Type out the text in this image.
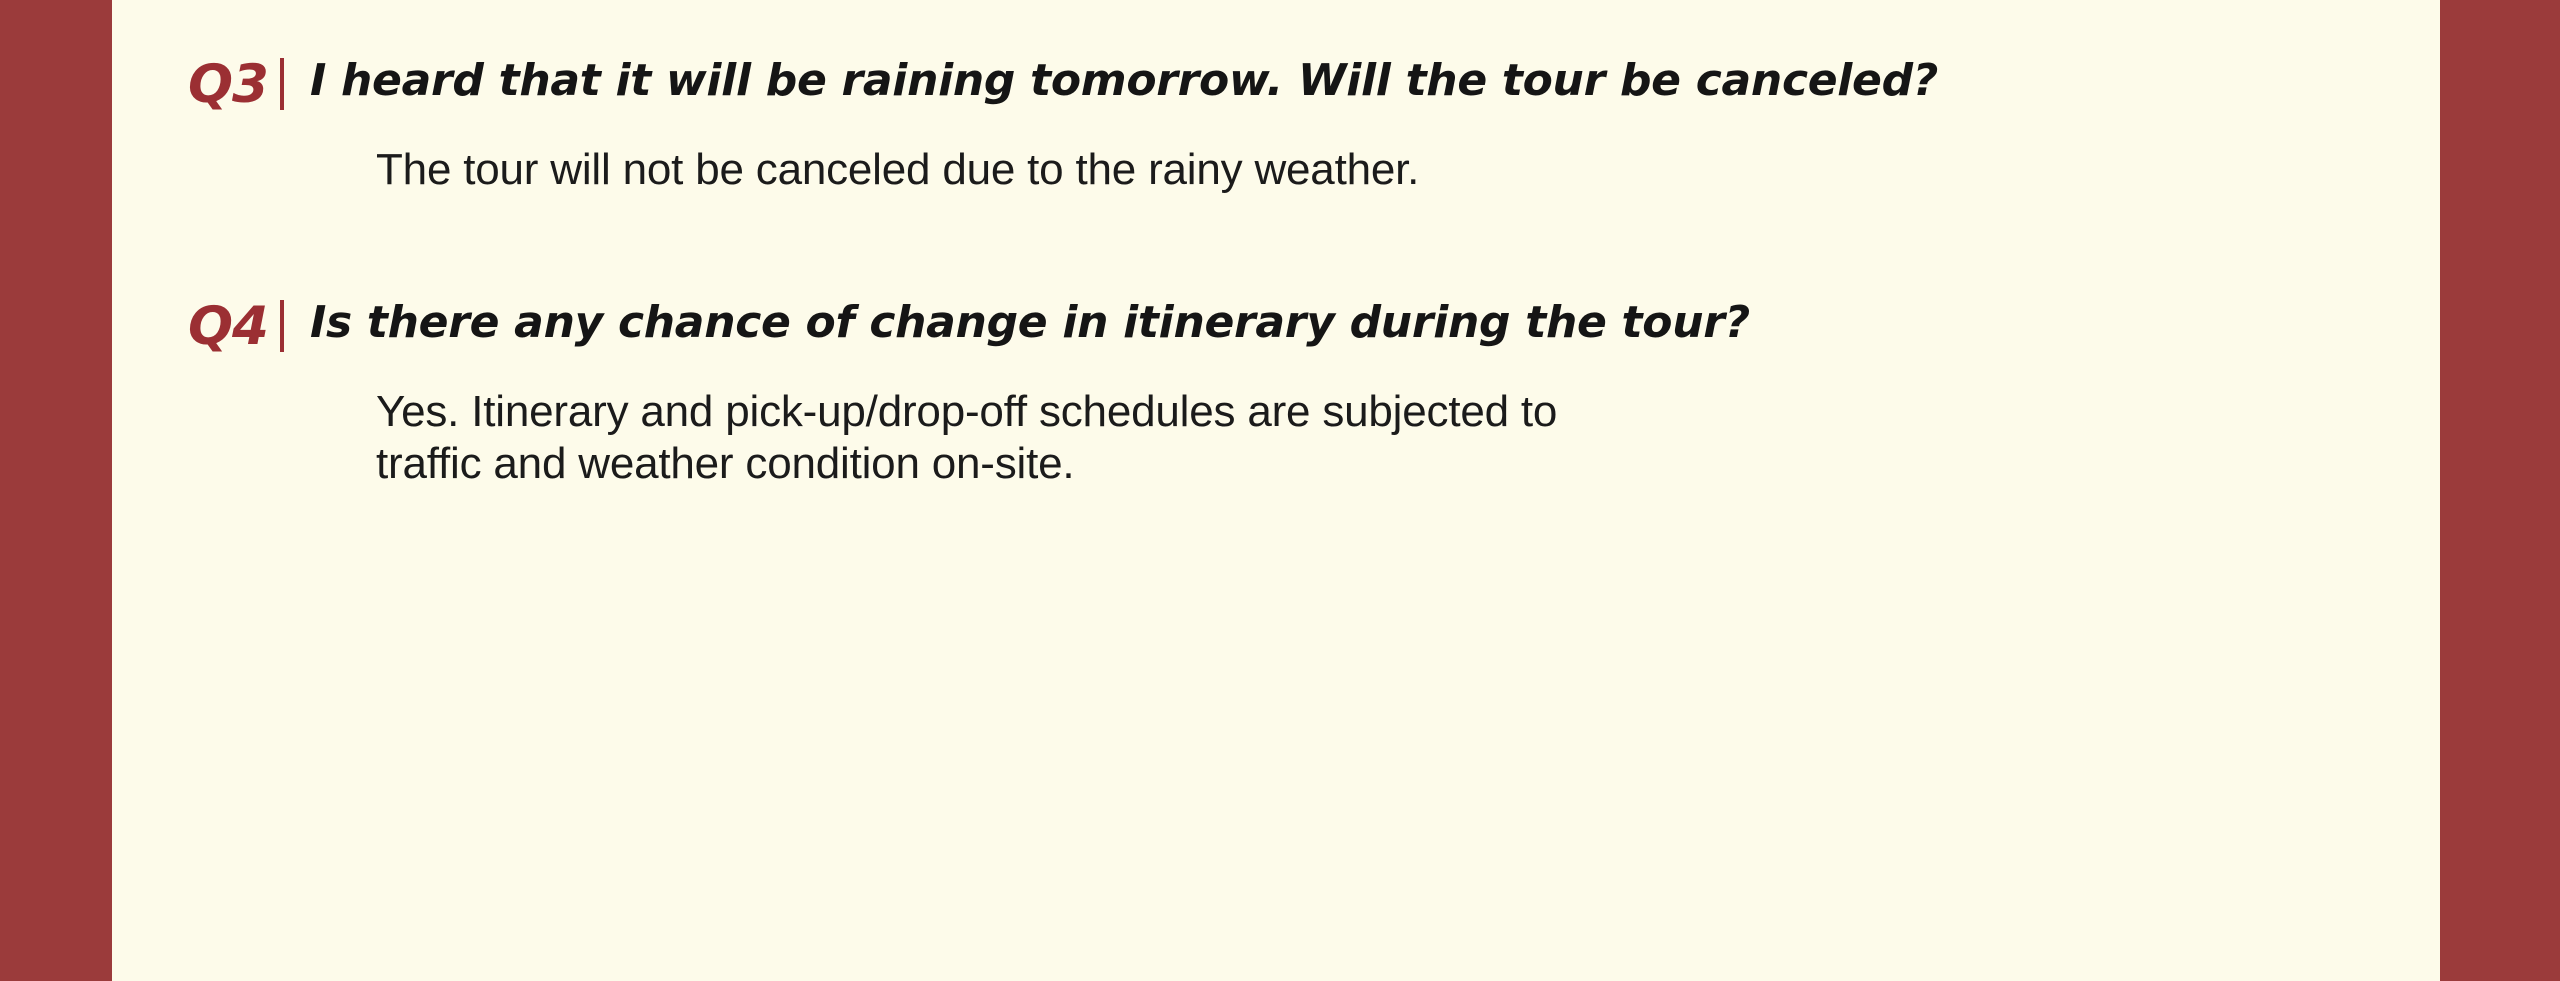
Q3 I heard that it will be raining tomorrow. Will the tour be canceled?
The tour will not be canceled due to the rainy weather.
Q4 Is there any chance of change in itinerary during the tour?
Yes. Itinerary and pick-up/drop-off schedules are subjected to
traffic and weather condition on-site.
